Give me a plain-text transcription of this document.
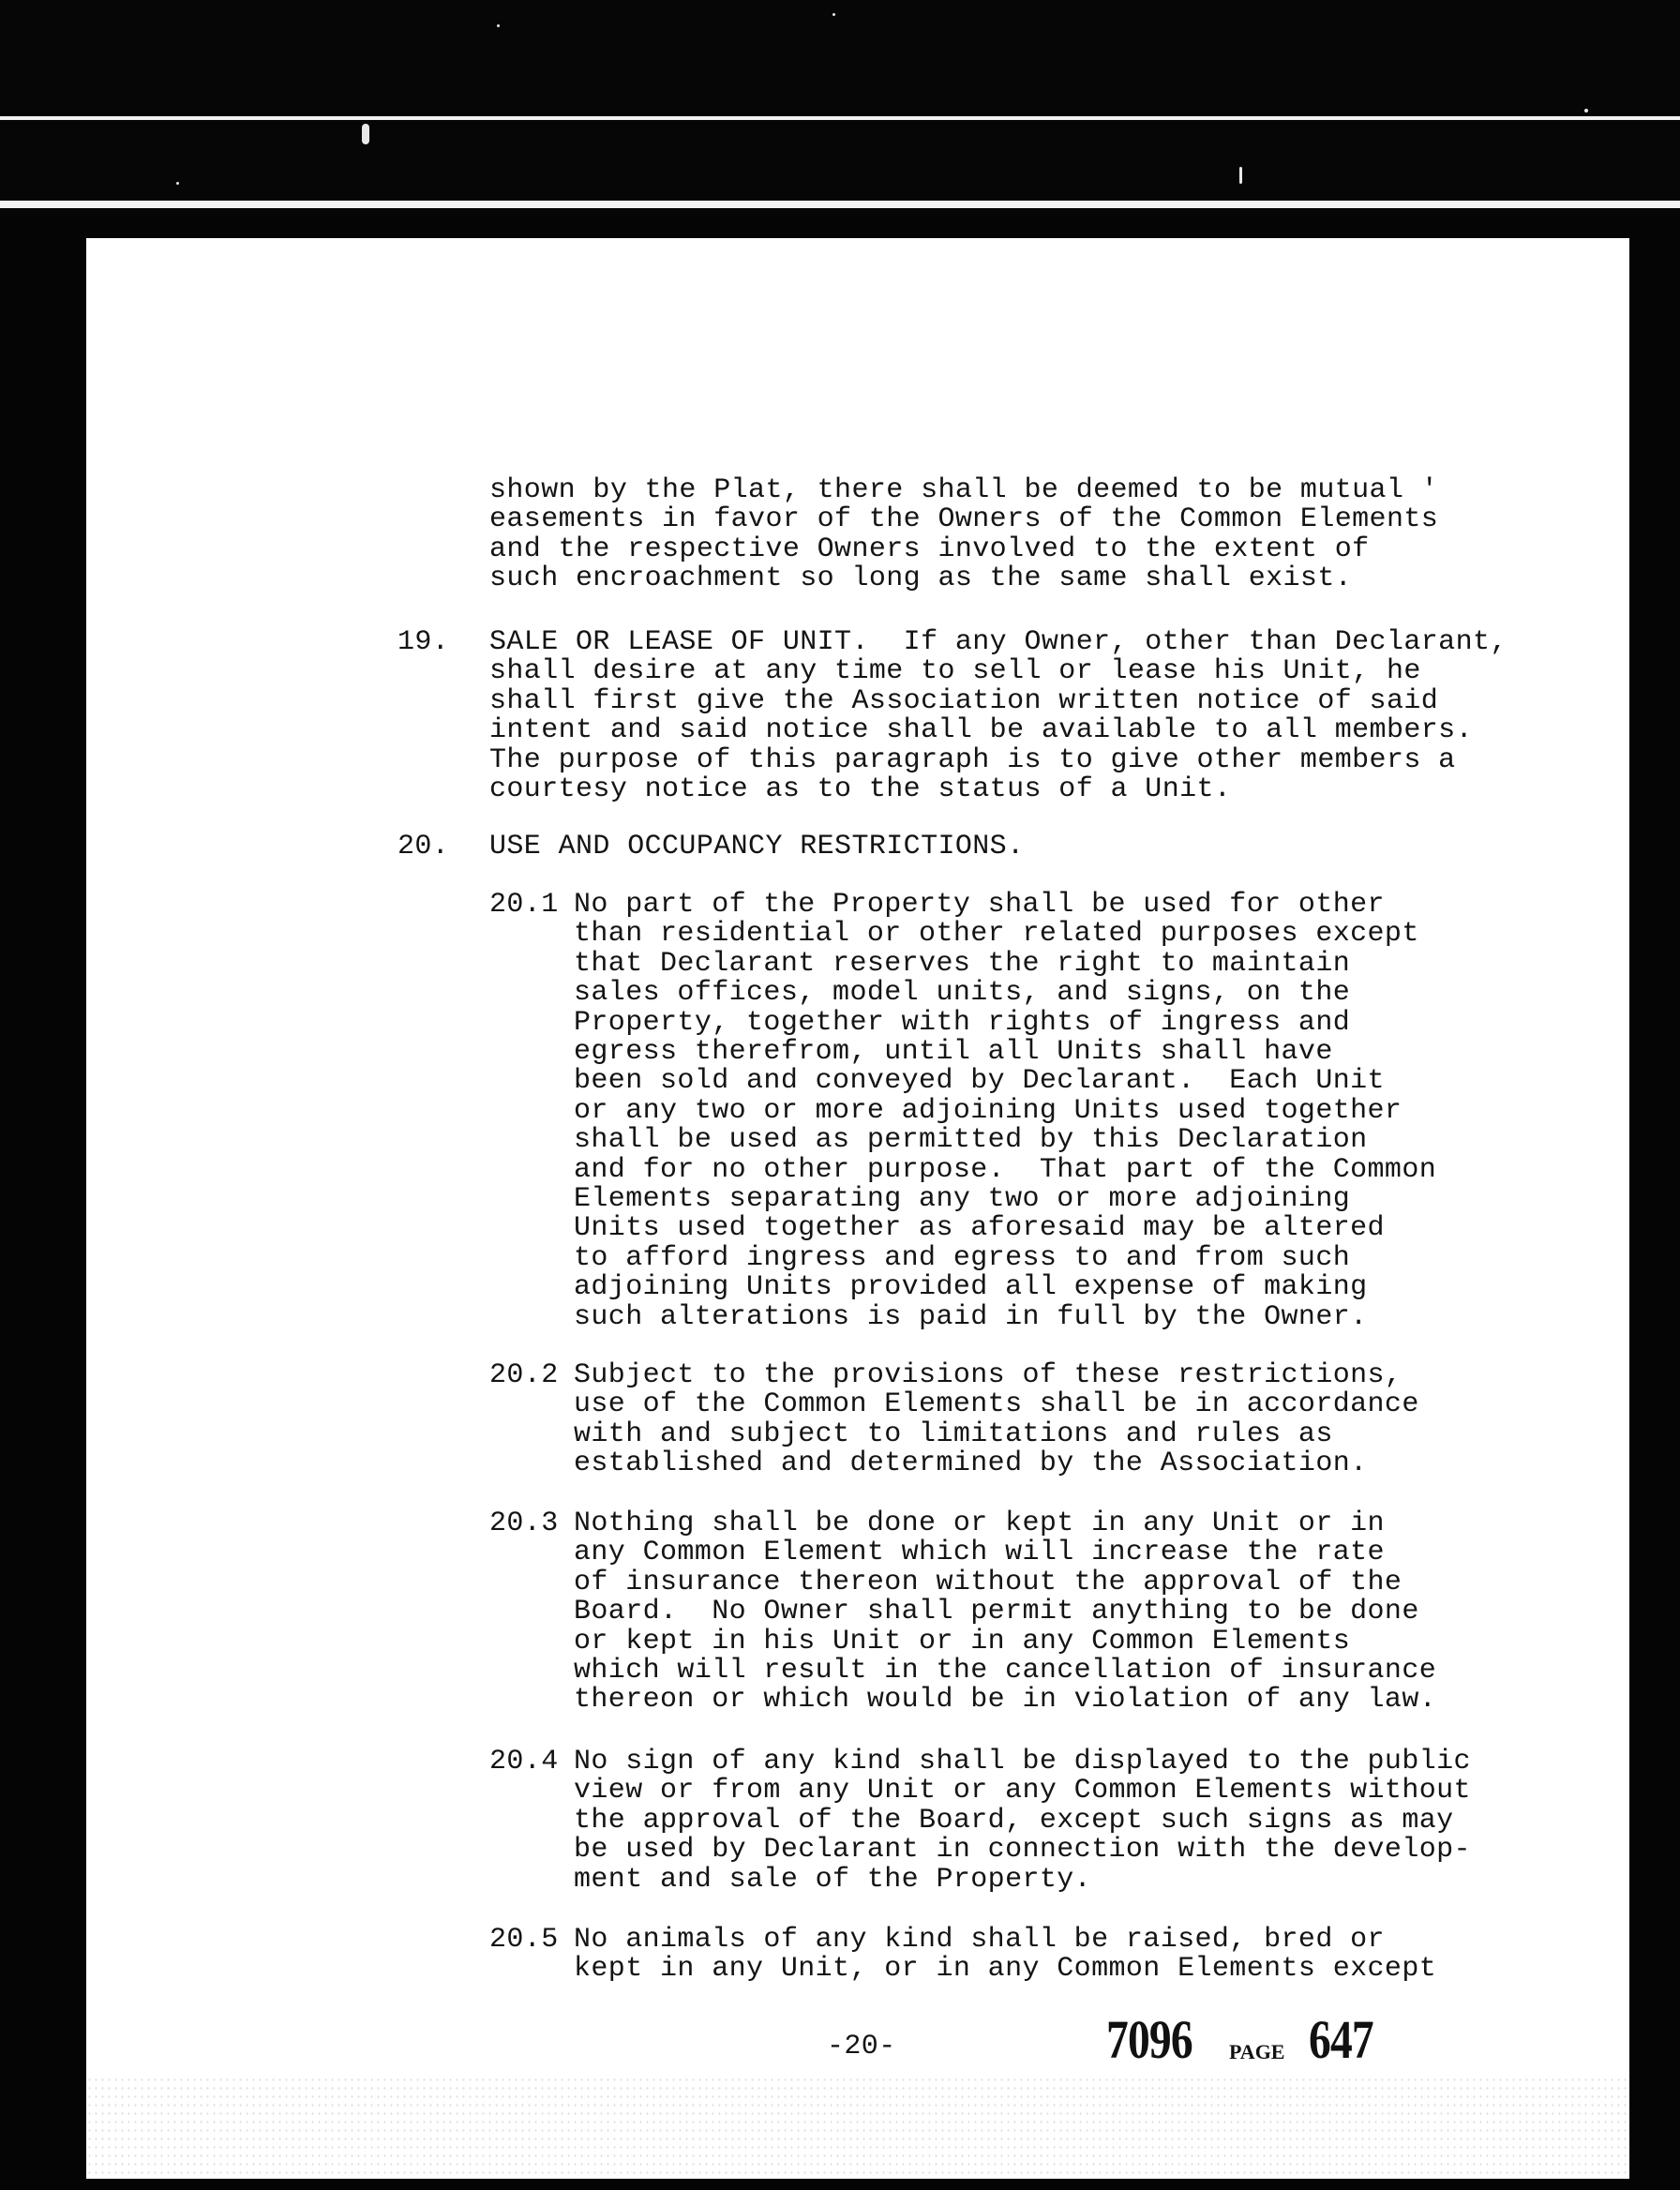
shown by the Plat, there shall be deemed to be mutual '
easements in favor of the Owners of the Common Elements
and the respective Owners involved to the extent of
such encroachment so long as the same shall exist.

19.

SALE OR LEASE OF UNIT.  If any Owner, other than Declarant,
shall desire at any time to sell or lease his Unit, he
shall first give the Association written notice of said
intent and said notice shall be available to all members.
The purpose of this paragraph is to give other members a
courtesy notice as to the status of a Unit.

20.

USE AND OCCUPANCY RESTRICTIONS.

20.1

No part of the Property shall be used for other
than residential or other related purposes except
that Declarant reserves the right to maintain
sales offices, model units, and signs, on the
Property, together with rights of ingress and
egress therefrom, until all Units shall have
been sold and conveyed by Declarant.  Each Unit
or any two or more adjoining Units used together
shall be used as permitted by this Declaration
and for no other purpose.  That part of the Common
Elements separating any two or more adjoining
Units used together as aforesaid may be altered
to afford ingress and egress to and from such
adjoining Units provided all expense of making
such alterations is paid in full by the Owner.

20.2

Subject to the provisions of these restrictions,
use of the Common Elements shall be in accordance
with and subject to limitations and rules as
established and determined by the Association.

20.3

Nothing shall be done or kept in any Unit or in
any Common Element which will increase the rate
of insurance thereon without the approval of the
Board.  No Owner shall permit anything to be done
or kept in his Unit or in any Common Elements
which will result in the cancellation of insurance
thereon or which would be in violation of any law.

20.4

No sign of any kind shall be displayed to the public
view or from any Unit or any Common Elements without
the approval of the Board, except such signs as may
be used by Declarant in connection with the develop-
ment and sale of the Property.

20.5

No animals of any kind shall be raised, bred or
kept in any Unit, or in any Common Elements except

-20-	7096 PAGE 647
